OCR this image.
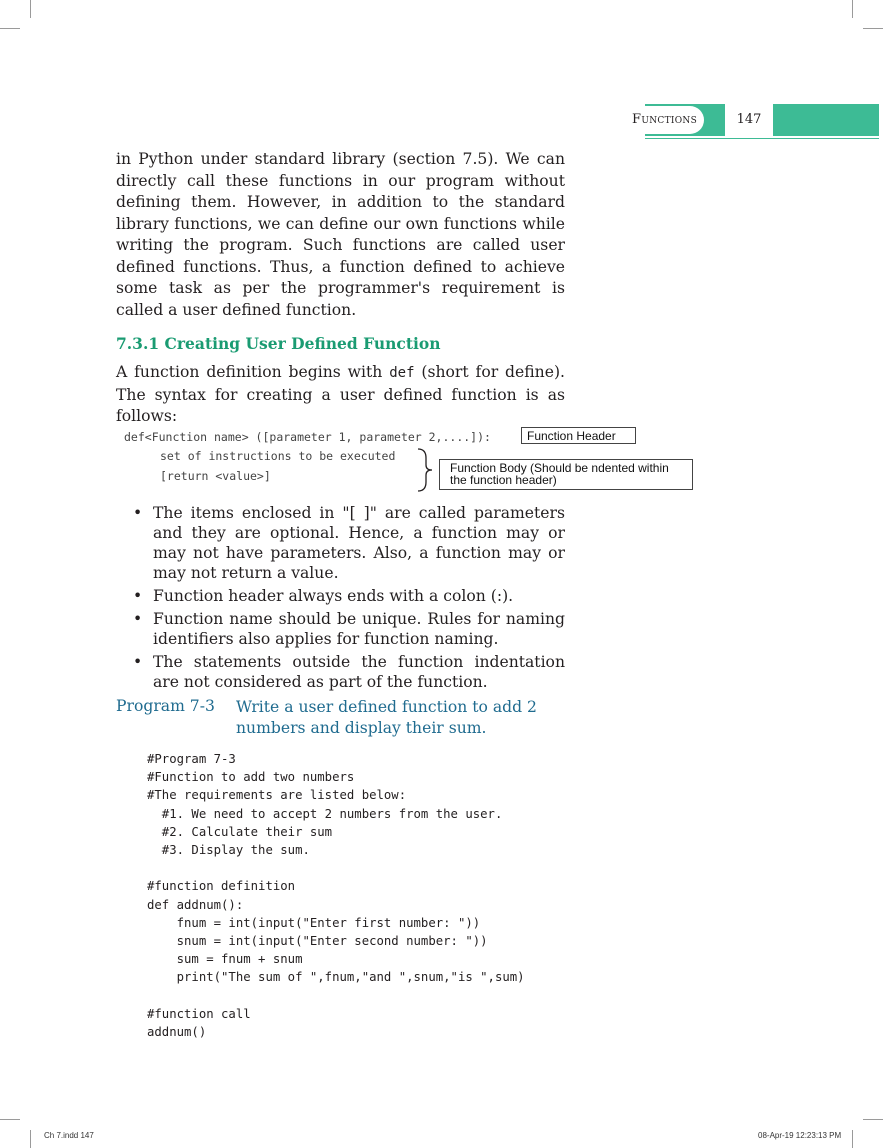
Functions	147

in Python under standard library (section 7.5). We can directly call these functions in our program without defining them. However, in addition to the standard library functions, we can define our own functions while writing the program. Such functions are called user defined functions. Thus, a function defined to achieve some task as per the programmer's requirement is called a user defined function.

7.3.1 Creating User Defined Function

A function definition begins with def (short for define). The syntax for creating a user defined function is as follows:

def<Function name> ([parameter 1, parameter 2,....]):
set of instructions to be executed
[return <value>]
Function Header
Function Body (Should be ndented within the function header)
• The items enclosed in "[ ]" are called parameters and they are optional. Hence, a function may or may not have parameters. Also, a function may or may not return a value.
• Function header always ends with a colon (:).
• Function name should be unique. Rules for naming identifiers also applies for function naming.
• The statements outside the function indentation are not considered as part of the function.
Program 7-3 Write a user defined function to add 2 numbers and display their sum.
#Program 7-3
#Function to add two numbers
#The requirements are listed below:
#1. We need to accept 2 numbers from the user.
#2. Calculate their sum
#3. Display the sum.

#function definition
def addnum():
fnum = int(input("Enter first number: "))
snum = int(input("Enter second number: "))
sum = fnum + snum
print("The sum of ",fnum,"and ",snum,"is ",sum)

#function call
addnum()
Ch 7.indd 147	08-Apr-19 12:23:13 PM
